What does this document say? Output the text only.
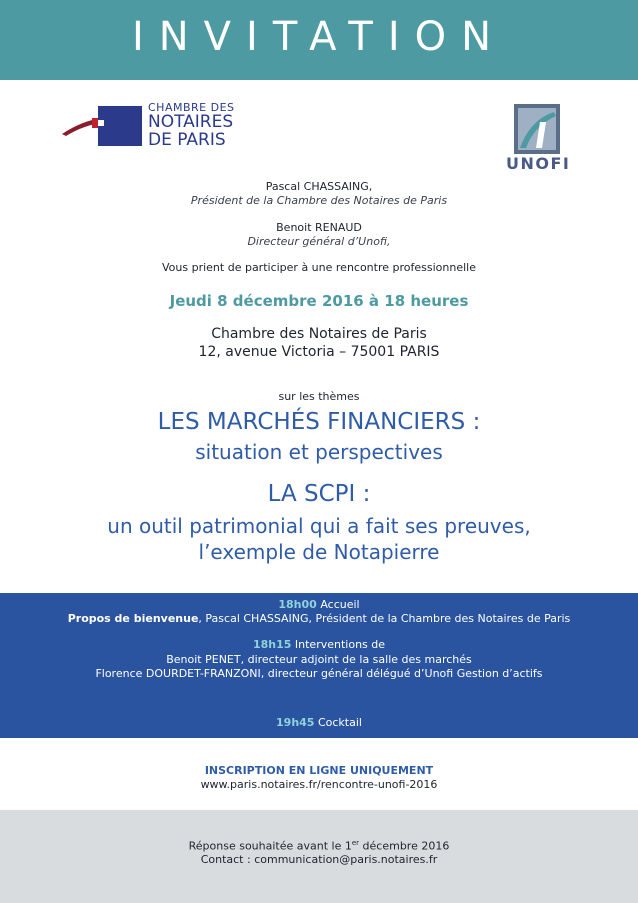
INVITATION
CHAMBRE DES
NOTAIRES
DE PARIS
UNOFI
Pascal CHASSAING,
Président de la Chambre des Notaires de Paris
Benoit RENAUD
Directeur général d’Unofi,
Vous prient de participer à une rencontre professionnelle
Jeudi 8 décembre 2016 à 18 heures
Chambre des Notaires de Paris
12, avenue Victoria – 75001 PARIS
sur les thèmes
LES MARCHÉS FINANCIERS :
situation et perspectives
LA SCPI :
un outil patrimonial qui a fait ses preuves,
l’exemple de Notapierre
18h00 Accueil
Propos de bienvenue, Pascal CHASSAING, Président de la Chambre des Notaires de Paris
18h15 Interventions de
Benoit PENET, directeur adjoint de la salle des marchés
Florence DOURDET-FRANZONI, directeur général délégué d’Unofi Gestion d’actifs
19h45 Cocktail
INSCRIPTION EN LIGNE UNIQUEMENT
www.paris.notaires.fr/rencontre-unofi-2016
Réponse souhaitée avant le 1er décembre 2016
Contact : communication@paris.notaires.fr
